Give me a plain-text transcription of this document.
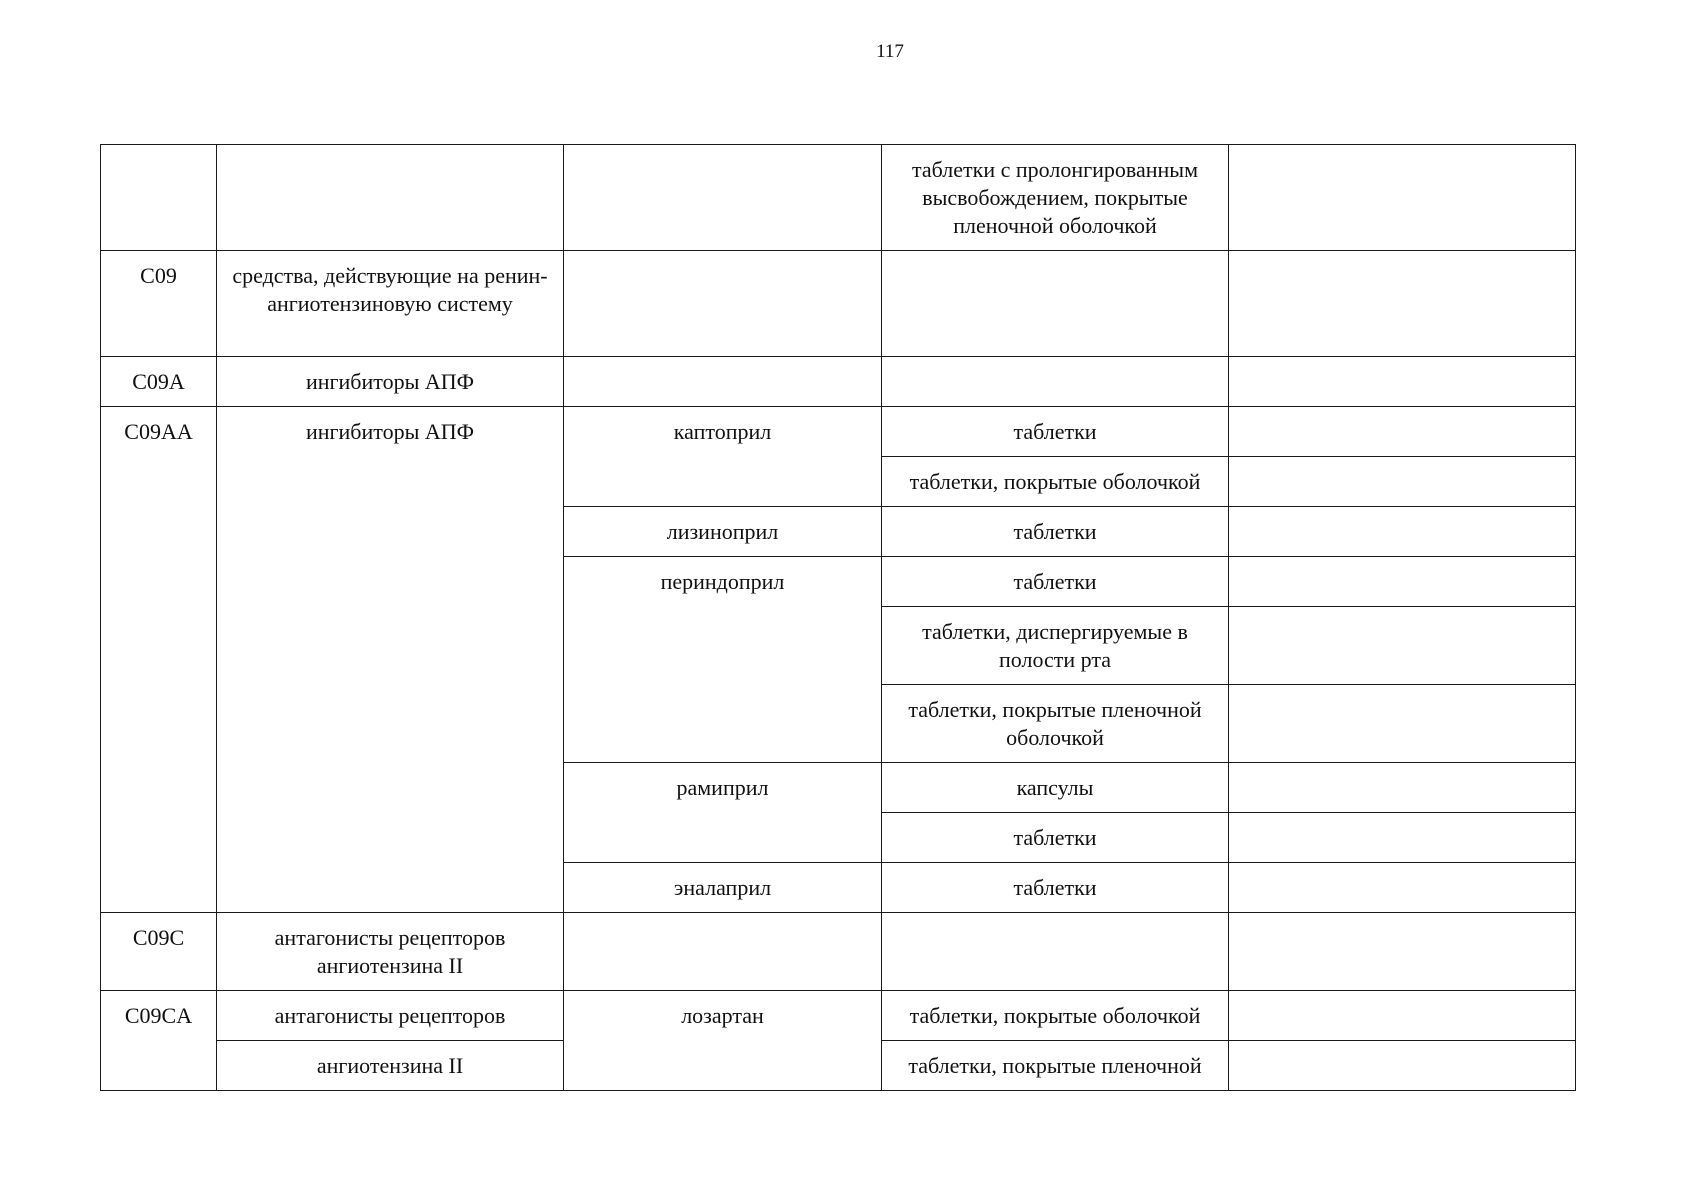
117
			таблетки с пролонгированным высвобождением, покрытые пленочной оболочкой	
C09	средства, действующие на ренин-ангиотензиновую систему			
C09A	ингибиторы АПФ			
C09AA	ингибиторы АПФ	каптоприл	таблетки	
			таблетки, покрытые оболочкой	
		лизиноприл	таблетки	
		периндоприл	таблетки	
			таблетки, диспергируемые в полости рта	
			таблетки, покрытые пленочной оболочкой	
		рамиприл	капсулы	
			таблетки	
		эналаприл	таблетки	
C09C	антагонисты рецепторов ангиотензина II			
C09CA	антагонисты рецепторов	лозартан	таблетки, покрытые оболочкой	
	ангиотензина II		таблетки, покрытые пленочной	
